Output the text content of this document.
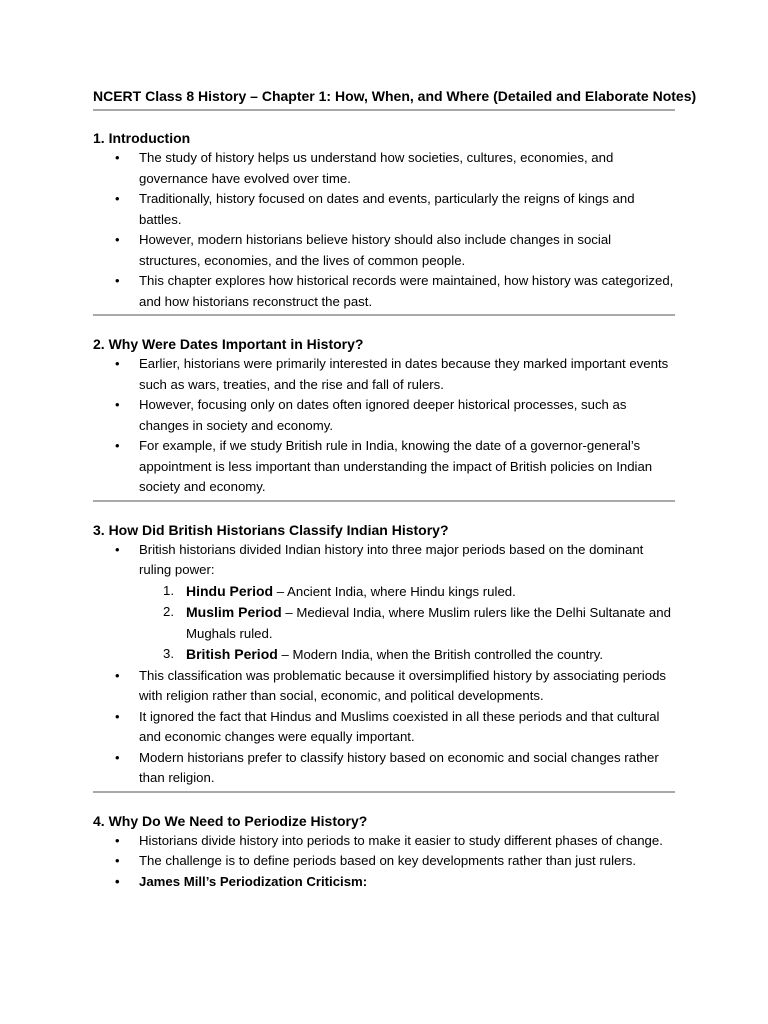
NCERT Class 8 History – Chapter 1: How, When, and Where (Detailed and Elaborate Notes)

1. Introduction

• The study of history helps us understand how societies, cultures, economies, and governance have evolved over time.
• Traditionally, history focused on dates and events, particularly the reigns of kings and battles.
• However, modern historians believe history should also include changes in social structures, economies, and the lives of common people.
• This chapter explores how historical records were maintained, how history was categorized, and how historians reconstruct the past.

2. Why Were Dates Important in History?

• Earlier, historians were primarily interested in dates because they marked important events such as wars, treaties, and the rise and fall of rulers.
• However, focusing only on dates often ignored deeper historical processes, such as changes in society and economy.
• For example, if we study British rule in India, knowing the date of a governor-general’s appointment is less important than understanding the impact of British policies on Indian society and economy.

3. How Did British Historians Classify Indian History?

• British historians divided Indian history into three major periods based on the dominant ruling power:
1. Hindu Period – Ancient India, where Hindu kings ruled.
2. Muslim Period – Medieval India, where Muslim rulers like the Delhi Sultanate and Mughals ruled.
3. British Period – Modern India, when the British controlled the country.
• This classification was problematic because it oversimplified history by associating periods with religion rather than social, economic, and political developments.
• It ignored the fact that Hindus and Muslims coexisted in all these periods and that cultural and economic changes were equally important.
• Modern historians prefer to classify history based on economic and social changes rather than religion.

4. Why Do We Need to Periodize History?

• Historians divide history into periods to make it easier to study different phases of change.
• The challenge is to define periods based on key developments rather than just rulers.
• James Mill’s Periodization Criticism:
